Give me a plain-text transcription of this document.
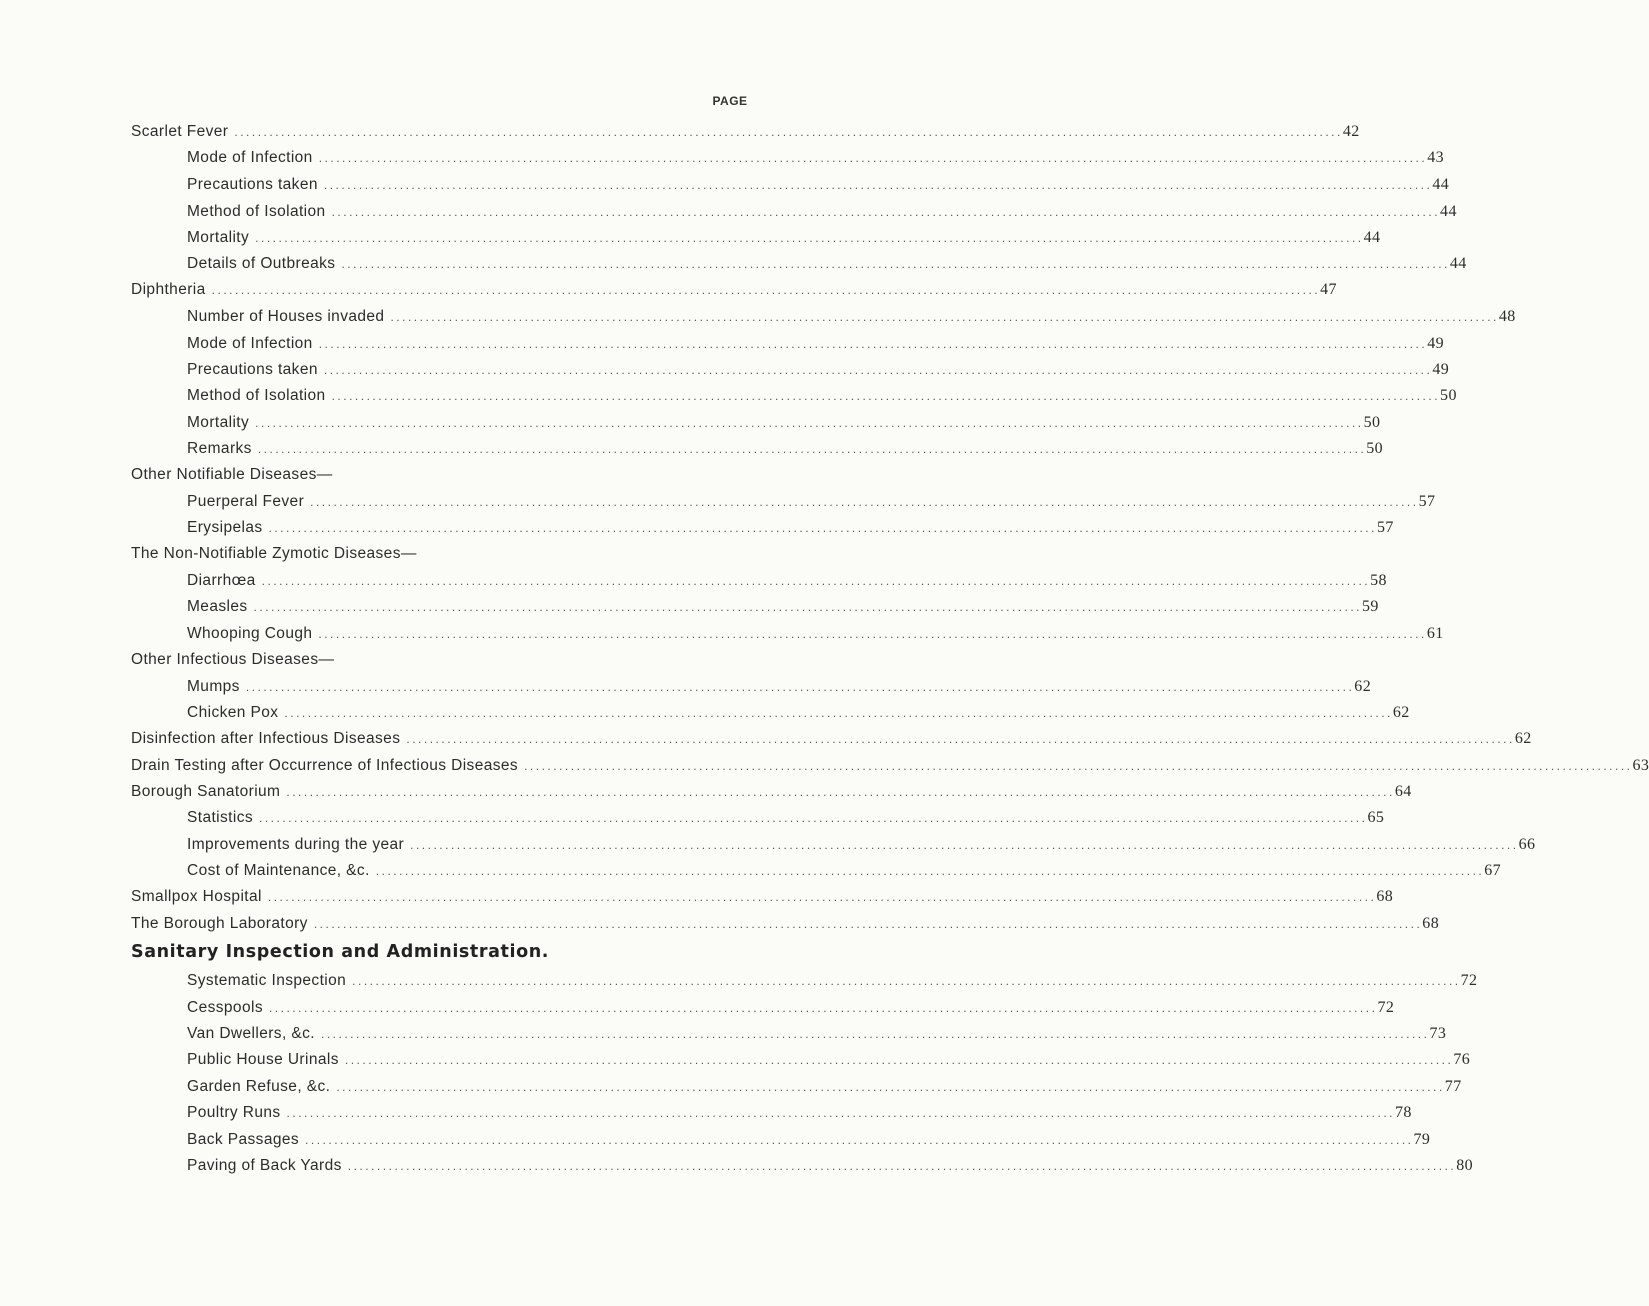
PAGE
Scarlet Fever .............................................................................................................................................................................................. 42
Mode of Infection .............................................................................................................................................................................................. 43
Precautions taken .............................................................................................................................................................................................. 44
Method of Isolation .............................................................................................................................................................................................. 44
Mortality .............................................................................................................................................................................................. 44
Details of Outbreaks .............................................................................................................................................................................................. 44
Diphtheria .............................................................................................................................................................................................. 47
Number of Houses invaded .............................................................................................................................................................................................. 48
Mode of Infection .............................................................................................................................................................................................. 49
Precautions taken .............................................................................................................................................................................................. 49
Method of Isolation .............................................................................................................................................................................................. 50
Mortality .............................................................................................................................................................................................. 50
Remarks .............................................................................................................................................................................................. 50
Other Notifiable Diseases—
Puerperal Fever .............................................................................................................................................................................................. 57
Erysipelas .............................................................................................................................................................................................. 57
The Non-Notifiable Zymotic Diseases—
Diarrhœa .............................................................................................................................................................................................. 58
Measles .............................................................................................................................................................................................. 59
Whooping Cough .............................................................................................................................................................................................. 61
Other Infectious Diseases—
Mumps .............................................................................................................................................................................................. 62
Chicken Pox .............................................................................................................................................................................................. 62
Disinfection after Infectious Diseases .............................................................................................................................................................................................. 62
Drain Testing after Occurrence of Infectious Diseases .............................................................................................................................................................................................. 63
Borough Sanatorium .............................................................................................................................................................................................. 64
Statistics .............................................................................................................................................................................................. 65
Improvements during the year .............................................................................................................................................................................................. 66
Cost of Maintenance, &c. .............................................................................................................................................................................................. 67
Smallpox Hospital .............................................................................................................................................................................................. 68
The Borough Laboratory .............................................................................................................................................................................................. 68
Sanitary Inspection and Administration.
Systematic Inspection .............................................................................................................................................................................................. 72
Cesspools .............................................................................................................................................................................................. 72
Van Dwellers, &c. .............................................................................................................................................................................................. 73
Public House Urinals .............................................................................................................................................................................................. 76
Garden Refuse, &c. .............................................................................................................................................................................................. 77
Poultry Runs .............................................................................................................................................................................................. 78
Back Passages .............................................................................................................................................................................................. 79
Paving of Back Yards .............................................................................................................................................................................................. 80
